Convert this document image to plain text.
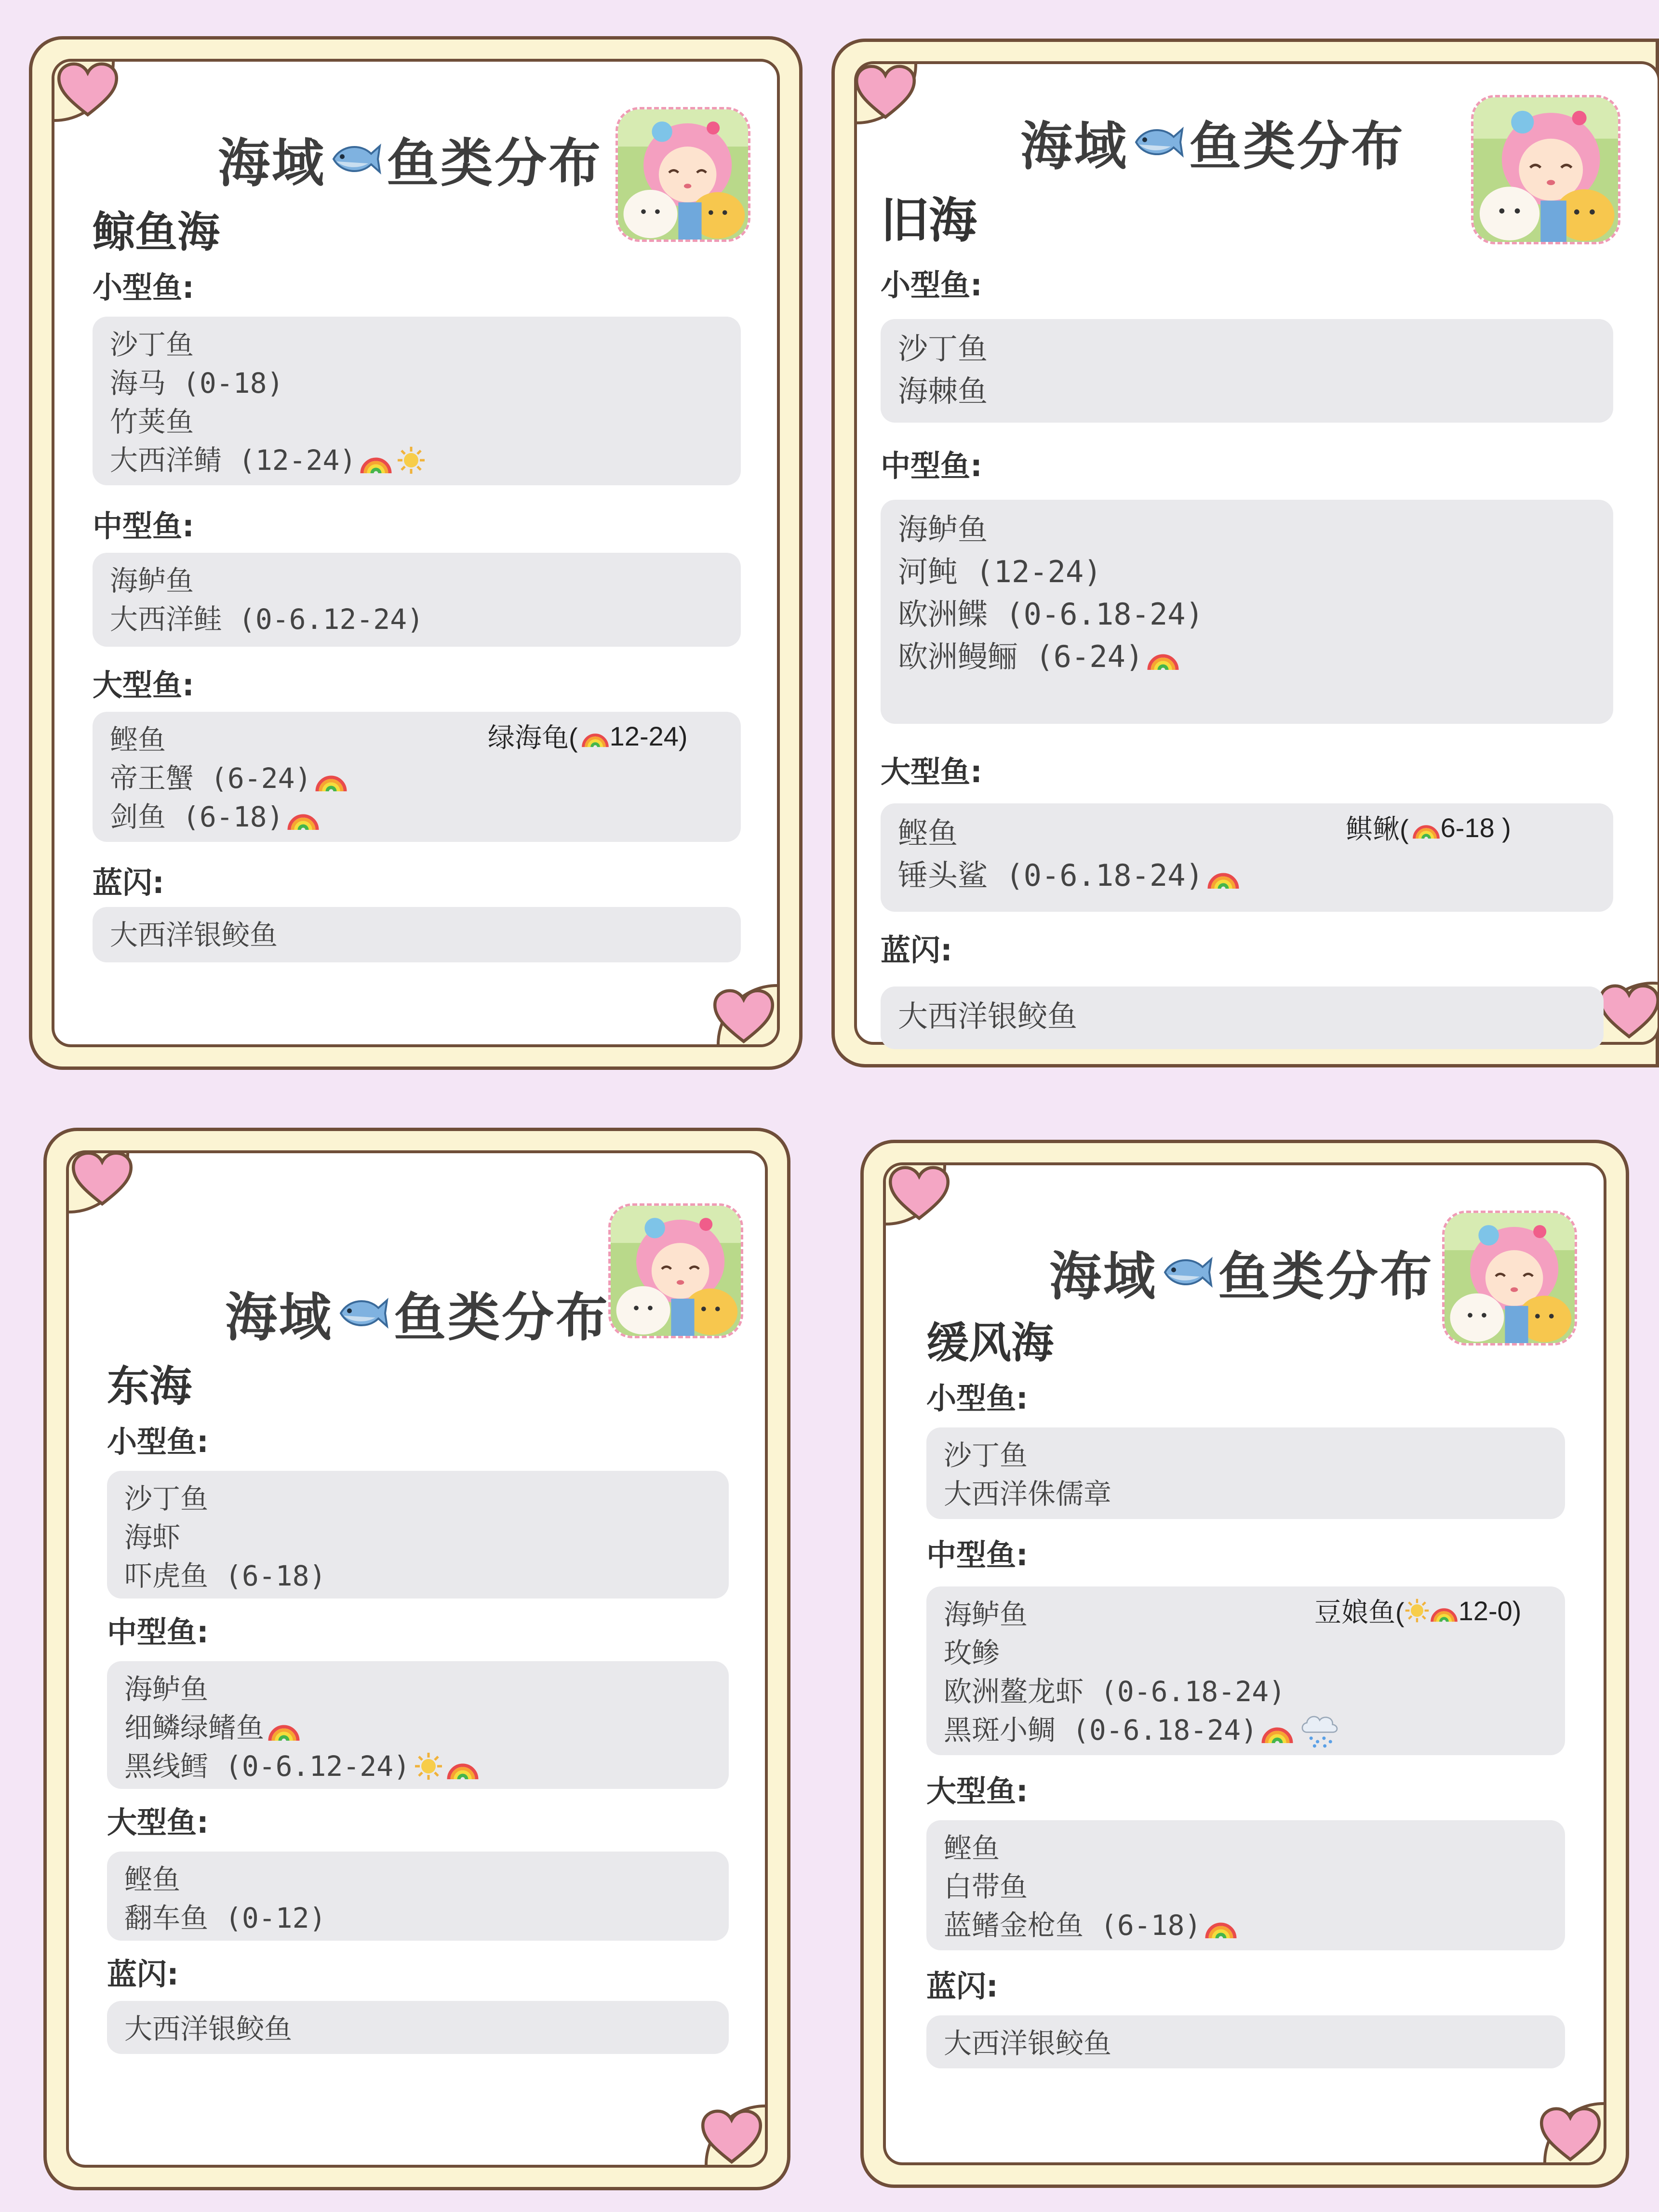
海域 鱼类分布
鲸鱼海
小型鱼:
沙丁鱼
海马 (0-18)
竹荚鱼
大西洋鲭 (12-24)
中型鱼:
海鲈鱼
大西洋鲑 (0-6.12-24)
大型鱼:
鲣鱼
帝王蟹 (6-24)
剑鱼 (6-18)
绿海龟( 12-24)
蓝闪:
大西洋银鲛鱼
海域 鱼类分布
旧海
小型鱼:
沙丁鱼
海棘鱼
中型鱼:
海鲈鱼
河鲀 (12-24)
欧洲鲽 (0-6.18-24)
欧洲鳗鲡 (6-24)
大型鱼:
鲣鱼
锤头鲨 (0-6.18-24)
鲯鳅( 6-18 )
蓝闪:
大西洋银鲛鱼
海域 鱼类分布
东海
小型鱼:
沙丁鱼
海虾
吓虎鱼 (6-18)
中型鱼:
海鲈鱼
细鳞绿鳍鱼
黑线鳕 (0-6.12-24)
大型鱼:
鲣鱼
翻车鱼 (0-12)
蓝闪:
大西洋银鲛鱼
海域 鱼类分布
缓风海
小型鱼:
沙丁鱼
大西洋侏儒章
中型鱼:
海鲈鱼
玫鲹
欧洲鳌龙虾 (0-6.18-24)
黑斑小鲷 (0-6.18-24)
豆娘鱼( 12-0)
大型鱼:
鲣鱼
白带鱼
蓝鳍金枪鱼 (6-18)
蓝闪:
大西洋银鲛鱼
